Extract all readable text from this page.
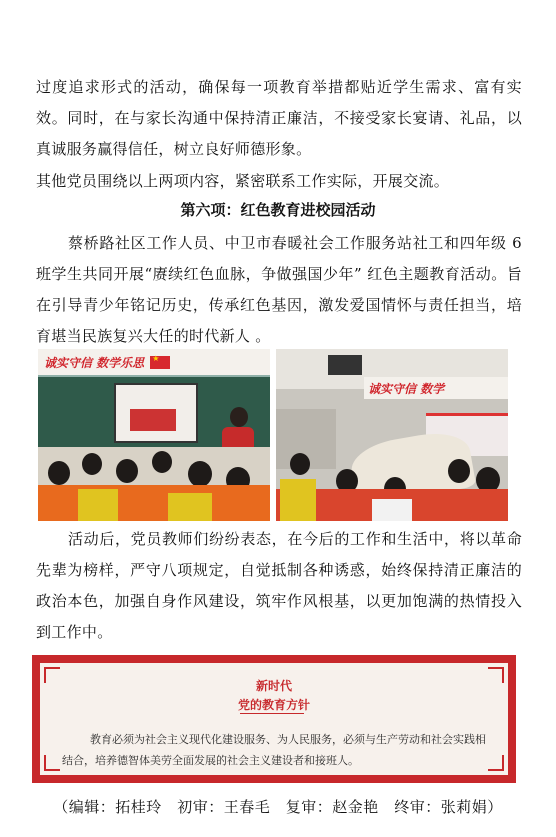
过度追求形式的活动，确保每一项教育举措都贴近学生需求、富有实效。同时，在与家长沟通中保持清正廉洁，不接受家长宴请、礼品，以真诚服务赢得信任，树立良好师德形象。

其他党员围绕以上两项内容，紧密联系工作实际，开展交流。

第六项：红色教育进校园活动

蔡桥路社区工作人员、中卫市春暖社会工作服务站社工和四年级 6 班学生共同开展“赓续红色血脉，争做强国少年” 红色主题教育活动。旨在引导青少年铭记历史，传承红色基因，激发爱国情怀与责任担当，培育堪当民族复兴大任的时代新人 。

诚实守信 数学乐思
★
诚实守信 数学

活动后，党员教师们纷纷表态，在今后的工作和生活中，将以革命先辈为榜样，严守八项规定，自觉抵制各种诱惑，始终保持清正廉洁的政治本色，加强自身作风建设，筑牢作风根基，以更加饱满的热情投入到工作中。

新时代
党的教育方针

教育必须为社会主义现代化建设服务、为人民服务，必须与生产劳动和社会实践相结合，培养德智体美劳全面发展的社会主义建设者和接班人。

（编辑：拓桂玲　初审：王春毛　复审：赵金艳　终审：张莉娟）
